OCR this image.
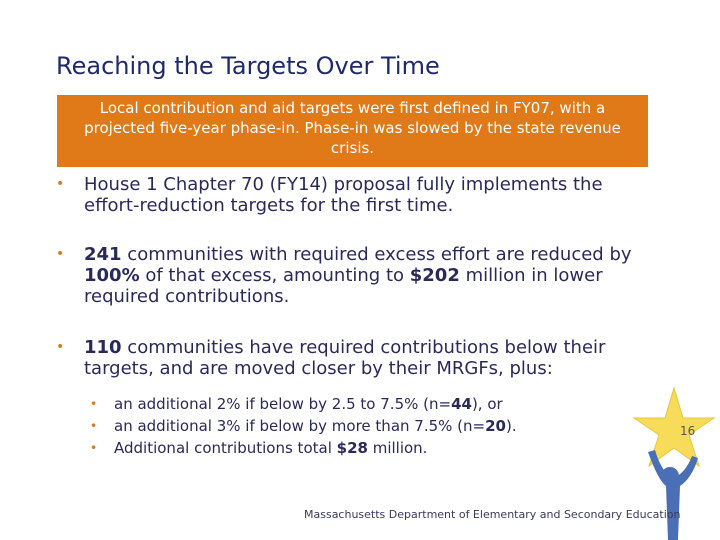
Reaching the Targets Over Time
Local contribution and aid targets were first defined in FY07, with a projected five-year phase-in. Phase-in was slowed by the state revenue crisis.
• House 1 Chapter 70 (FY14) proposal fully implements the effort-reduction targets for the first time.
• 241 communities with required excess effort are reduced by 100% of that excess, amounting to $202 million in lower required contributions.
• 110 communities have required contributions below their targets, and are moved closer by their MRGFs, plus:
• an additional 2% if below by 2.5 to 7.5% (n=44), or
• an additional 3% if below by more than 7.5% (n=20).
• Additional contributions total $28 million.
16
Massachusetts Department of Elementary and Secondary Education
